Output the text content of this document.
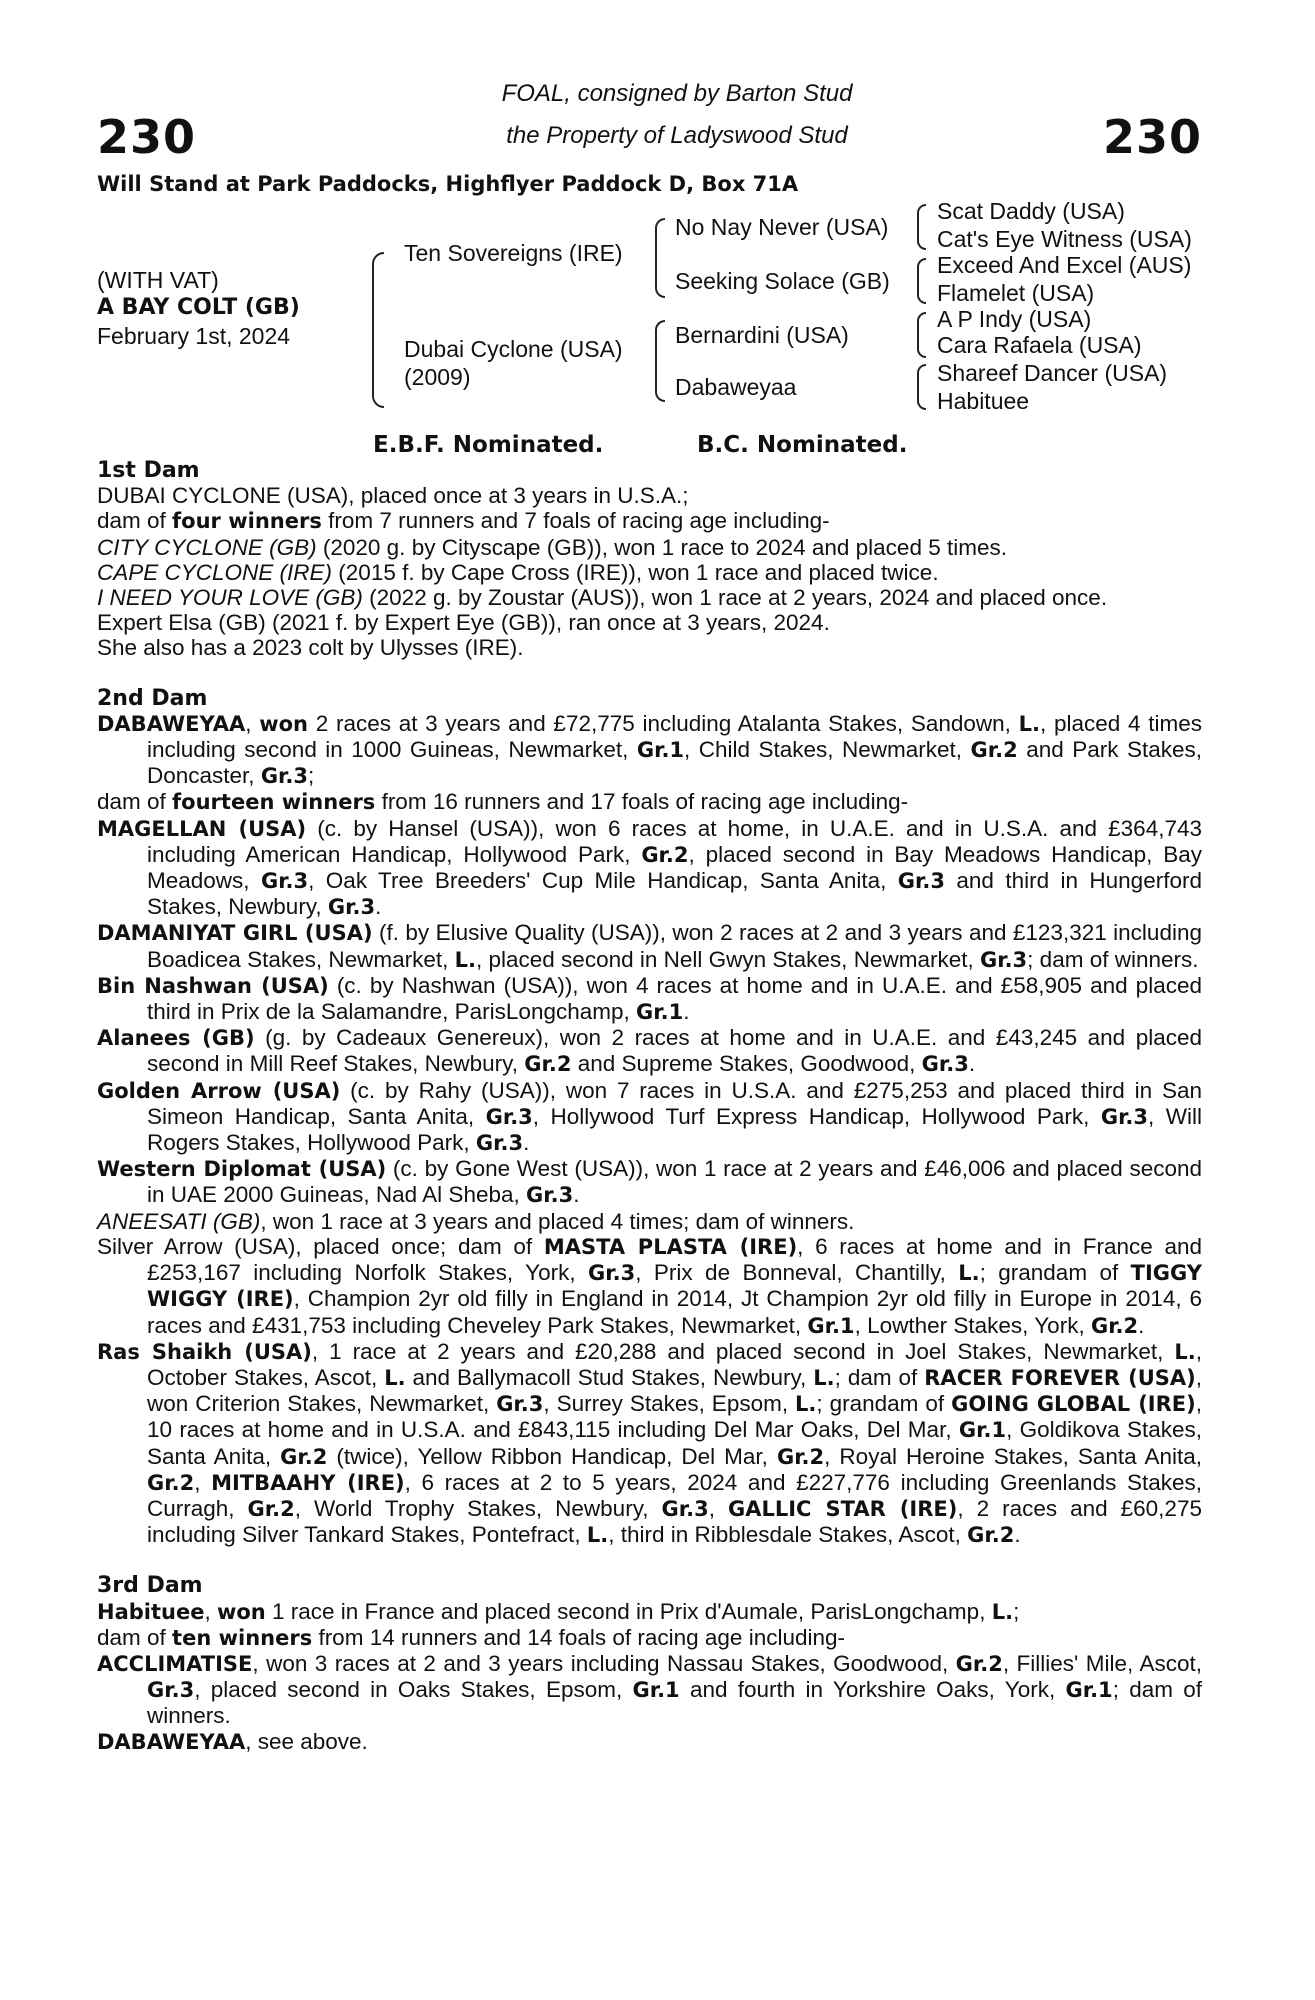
230	230
FOAL, consigned by Barton Stud
the Property of Ladyswood Stud
Will Stand at Park Paddocks, Highflyer Paddock D, Box 71A
(WITH VAT)
A BAY COLT (GB)
February 1st, 2024
Ten Sovereigns (IRE)
Dubai Cyclone (USA)
(2009)
No Nay Never (USA)
Seeking Solace (GB)
Bernardini (USA)
Dabaweyaa
Scat Daddy (USA)
Cat's Eye Witness (USA)
Exceed And Excel (AUS)
Flamelet (USA)
A P Indy (USA)
Cara Rafaela (USA)
Shareef Dancer (USA)
Habituee
E.B.F. Nominated.	B.C. Nominated.

1st Dam

DUBAI CYCLONE (USA), placed once at 3 years in U.S.A.;

dam of four winners from 7 runners and 7 foals of racing age including-

CITY CYCLONE (GB) (2020 g. by Cityscape (GB)), won 1 race to 2024 and placed 5 times.

CAPE CYCLONE (IRE) (2015 f. by Cape Cross (IRE)), won 1 race and placed twice.

I NEED YOUR LOVE (GB) (2022 g. by Zoustar (AUS)), won 1 race at 2 years, 2024 and placed once.

Expert Elsa (GB) (2021 f. by Expert Eye (GB)), ran once at 3 years, 2024.

She also has a 2023 colt by Ulysses (IRE).

2nd Dam

DABAWEYAA, won 2 races at 3 years and £72,775 including Atalanta Stakes, Sandown, L., placed 4 times including second in 1000 Guineas, Newmarket, Gr.1, Child Stakes, Newmarket, Gr.2 and Park Stakes, Doncaster, Gr.3;

dam of fourteen winners from 16 runners and 17 foals of racing age including-

MAGELLAN (USA) (c. by Hansel (USA)), won 6 races at home, in U.A.E. and in U.S.A. and £364,743 including American Handicap, Hollywood Park, Gr.2, placed second in Bay Meadows Handicap, Bay Meadows, Gr.3, Oak Tree Breeders' Cup Mile Handicap, Santa Anita, Gr.3 and third in Hungerford Stakes, Newbury, Gr.3.

DAMANIYAT GIRL (USA) (f. by Elusive Quality (USA)), won 2 races at 2 and 3 years and £123,321 including Boadicea Stakes, Newmarket, L., placed second in Nell Gwyn Stakes, Newmarket, Gr.3; dam of winners.

Bin Nashwan (USA) (c. by Nashwan (USA)), won 4 races at home and in U.A.E. and £58,905 and placed third in Prix de la Salamandre, ParisLongchamp, Gr.1.

Alanees (GB) (g. by Cadeaux Genereux), won 2 races at home and in U.A.E. and £43,245 and placed second in Mill Reef Stakes, Newbury, Gr.2 and Supreme Stakes, Goodwood, Gr.3.

Golden Arrow (USA) (c. by Rahy (USA)), won 7 races in U.S.A. and £275,253 and placed third in San Simeon Handicap, Santa Anita, Gr.3, Hollywood Turf Express Handicap, Hollywood Park, Gr.3, Will Rogers Stakes, Hollywood Park, Gr.3.

Western Diplomat (USA) (c. by Gone West (USA)), won 1 race at 2 years and £46,006 and placed second in UAE 2000 Guineas, Nad Al Sheba, Gr.3.

ANEESATI (GB), won 1 race at 3 years and placed 4 times; dam of winners.

Silver Arrow (USA), placed once; dam of MASTA PLASTA (IRE), 6 races at home and in France and £253,167 including Norfolk Stakes, York, Gr.3, Prix de Bonneval, Chantilly, L.; grandam of TIGGY WIGGY (IRE), Champion 2yr old filly in England in 2014, Jt Champion 2yr old filly in Europe in 2014, 6 races and £431,753 including Cheveley Park Stakes, Newmarket, Gr.1, Lowther Stakes, York, Gr.2.

Ras Shaikh (USA), 1 race at 2 years and £20,288 and placed second in Joel Stakes, Newmarket, L., October Stakes, Ascot, L. and Ballymacoll Stud Stakes, Newbury, L.; dam of RACER FOREVER (USA), won Criterion Stakes, Newmarket, Gr.3, Surrey Stakes, Epsom, L.; grandam of GOING GLOBAL (IRE), 10 races at home and in U.S.A. and £843,115 including Del Mar Oaks, Del Mar, Gr.1, Goldikova Stakes, Santa Anita, Gr.2 (twice), Yellow Ribbon Handicap, Del Mar, Gr.2, Royal Heroine Stakes, Santa Anita, Gr.2, MITBAAHY (IRE), 6 races at 2 to 5 years, 2024 and £227,776 including Greenlands Stakes, Curragh, Gr.2, World Trophy Stakes, Newbury, Gr.3, GALLIC STAR (IRE), 2 races and £60,275 including Silver Tankard Stakes, Pontefract, L., third in Ribblesdale Stakes, Ascot, Gr.2.

3rd Dam

Habituee, won 1 race in France and placed second in Prix d'Aumale, ParisLongchamp, L.;

dam of ten winners from 14 runners and 14 foals of racing age including-

ACCLIMATISE, won 3 races at 2 and 3 years including Nassau Stakes, Goodwood, Gr.2, Fillies' Mile, Ascot, Gr.3, placed second in Oaks Stakes, Epsom, Gr.1 and fourth in Yorkshire Oaks, York, Gr.1; dam of winners.

DABAWEYAA, see above.
